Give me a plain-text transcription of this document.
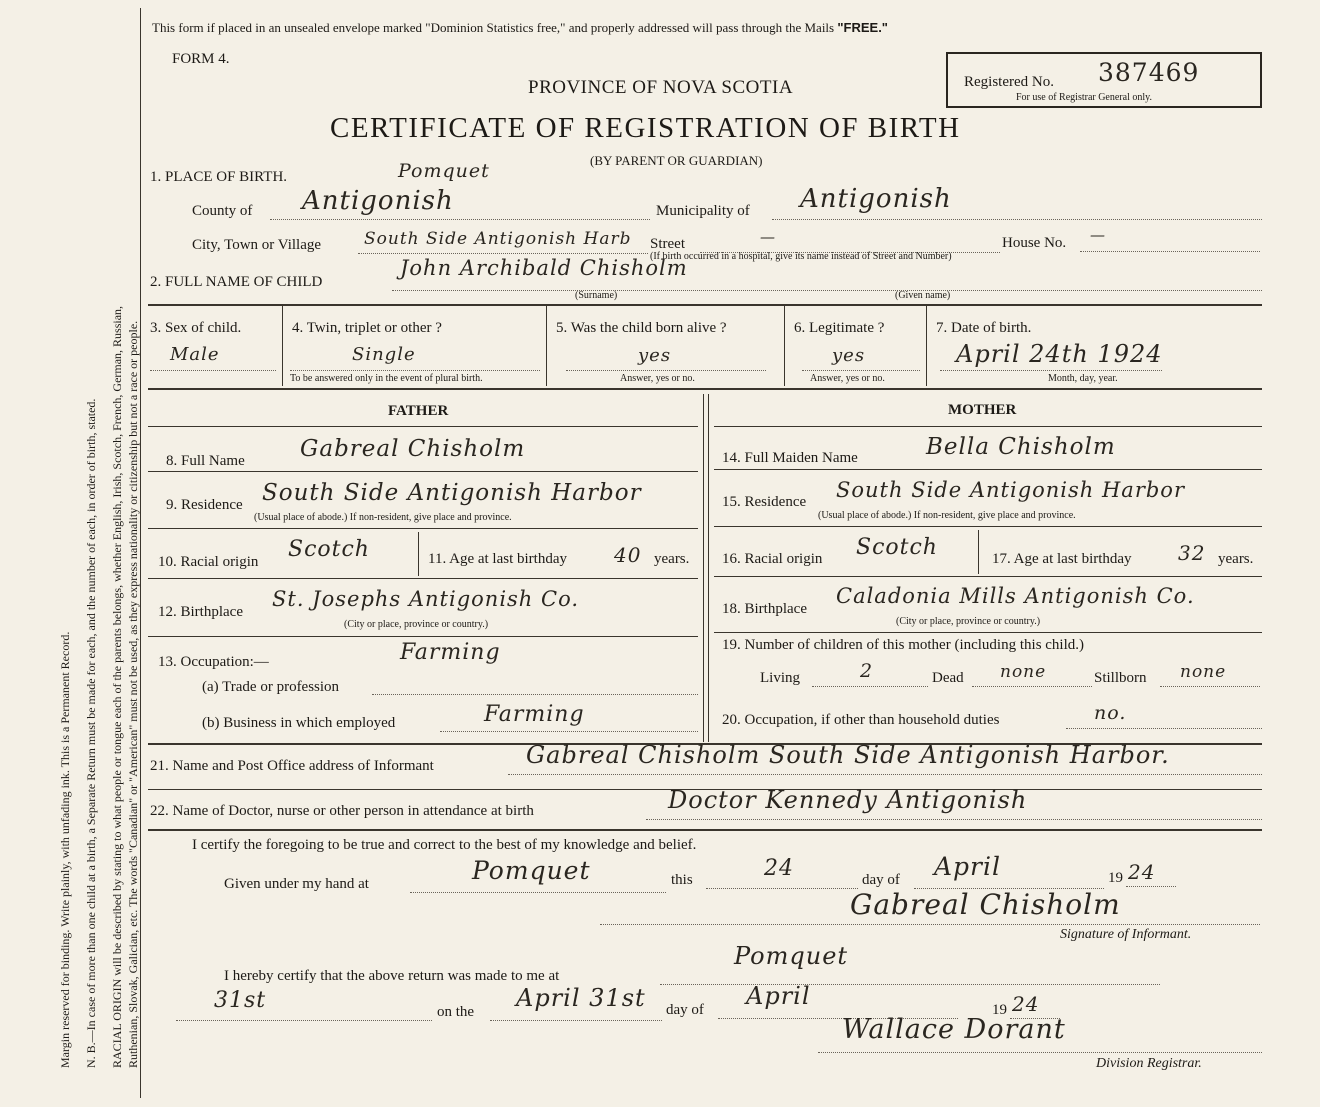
Margin reserved for binding. Write plainly, with unfading ink. This is a Permanent Record. N. B.—In case of more than one child at a birth, a Separate Return must be made for each, and the number of each, in order of birth, stated. RACIAL ORIGIN will be described by stating to what people or tongue each of the parents belongs, whether English, Irish, Scotch, French, German, Russian, Ruthenian, Slovak, Galician, etc. The words "Canadian" or "American" must not be used, as they express nationality or citizenship but not a race or people.
This form if placed in an unsealed envelope marked "Dominion Statistics free," and properly addressed will pass through the Mails "FREE."
FORM 4.
PROVINCE OF NOVA SCOTIA
CERTIFICATE OF REGISTRATION OF BIRTH
(BY PARENT OR GUARDIAN)
Registered No. 387469
For use of Registrar General only.
1. PLACE OF BIRTH.	Pomquet
County of Antigonish	Municipality of Antigonish
City, Town or Village	South Side Antigonish Harb Street	—
(If birth occurred in a hospital, give its name instead of Street and Number)
House No. —
2. FULL NAME OF CHILD
John Archibald Chisholm
(Surname)	(Given name)
3. Sex of child.
Male
4. Twin, triplet or other ?
Single
To be answered only in the event of plural birth.
5. Was the child born alive ?
yes
Answer, yes or no.
6. Legitimate ?
yes
Answer, yes or no.
7. Date of birth.
April 24th 1924
Month, day, year.
FATHER
8. Full Name Gabreal Chisholm
9. Residence South Side Antigonish Harbor
(Usual place of abode.) If non-resident, give place and province.
10. Racial origin Scotch	11. Age at last birthday 40 years.
12. Birthplace
St. Josephs Antigonish Co.
(City or place, province or country.)
13. Occupation:—	Farming
(a) Trade or profession
(b) Business in which employed	Farming
MOTHER
14. Full Maiden Name	Bella Chisholm
15. Residence South Side Antigonish Harbor
(Usual place of abode.) If non-resident, give place and province.
16. Racial origin Scotch	17. Age at last birthday 32 years.
18. Birthplace
Caladonia Mills Antigonish Co.
(City or place, province or country.)
19. Number of children of this mother (including this child.)
Living	2	Dead none	Stillborn none
20. Occupation, if other than household duties	no.
21. Name and Post Office address of Informant	Gabreal Chisholm South Side Antigonish Harbor.
22. Name of Doctor, nurse or other person in attendance at birth	Doctor Kennedy Antigonish
I certify the foregoing to be true and correct to the best of my knowledge and belief.
Given under my hand at	Pomquet	this	24	day of April	19 24
Gabreal Chisholm
Signature of Informant.
I hereby certify that the above return was made to me at
Pomquet
31st	on the April 31st day of April	19 24
Wallace Dorant
Division Registrar.
